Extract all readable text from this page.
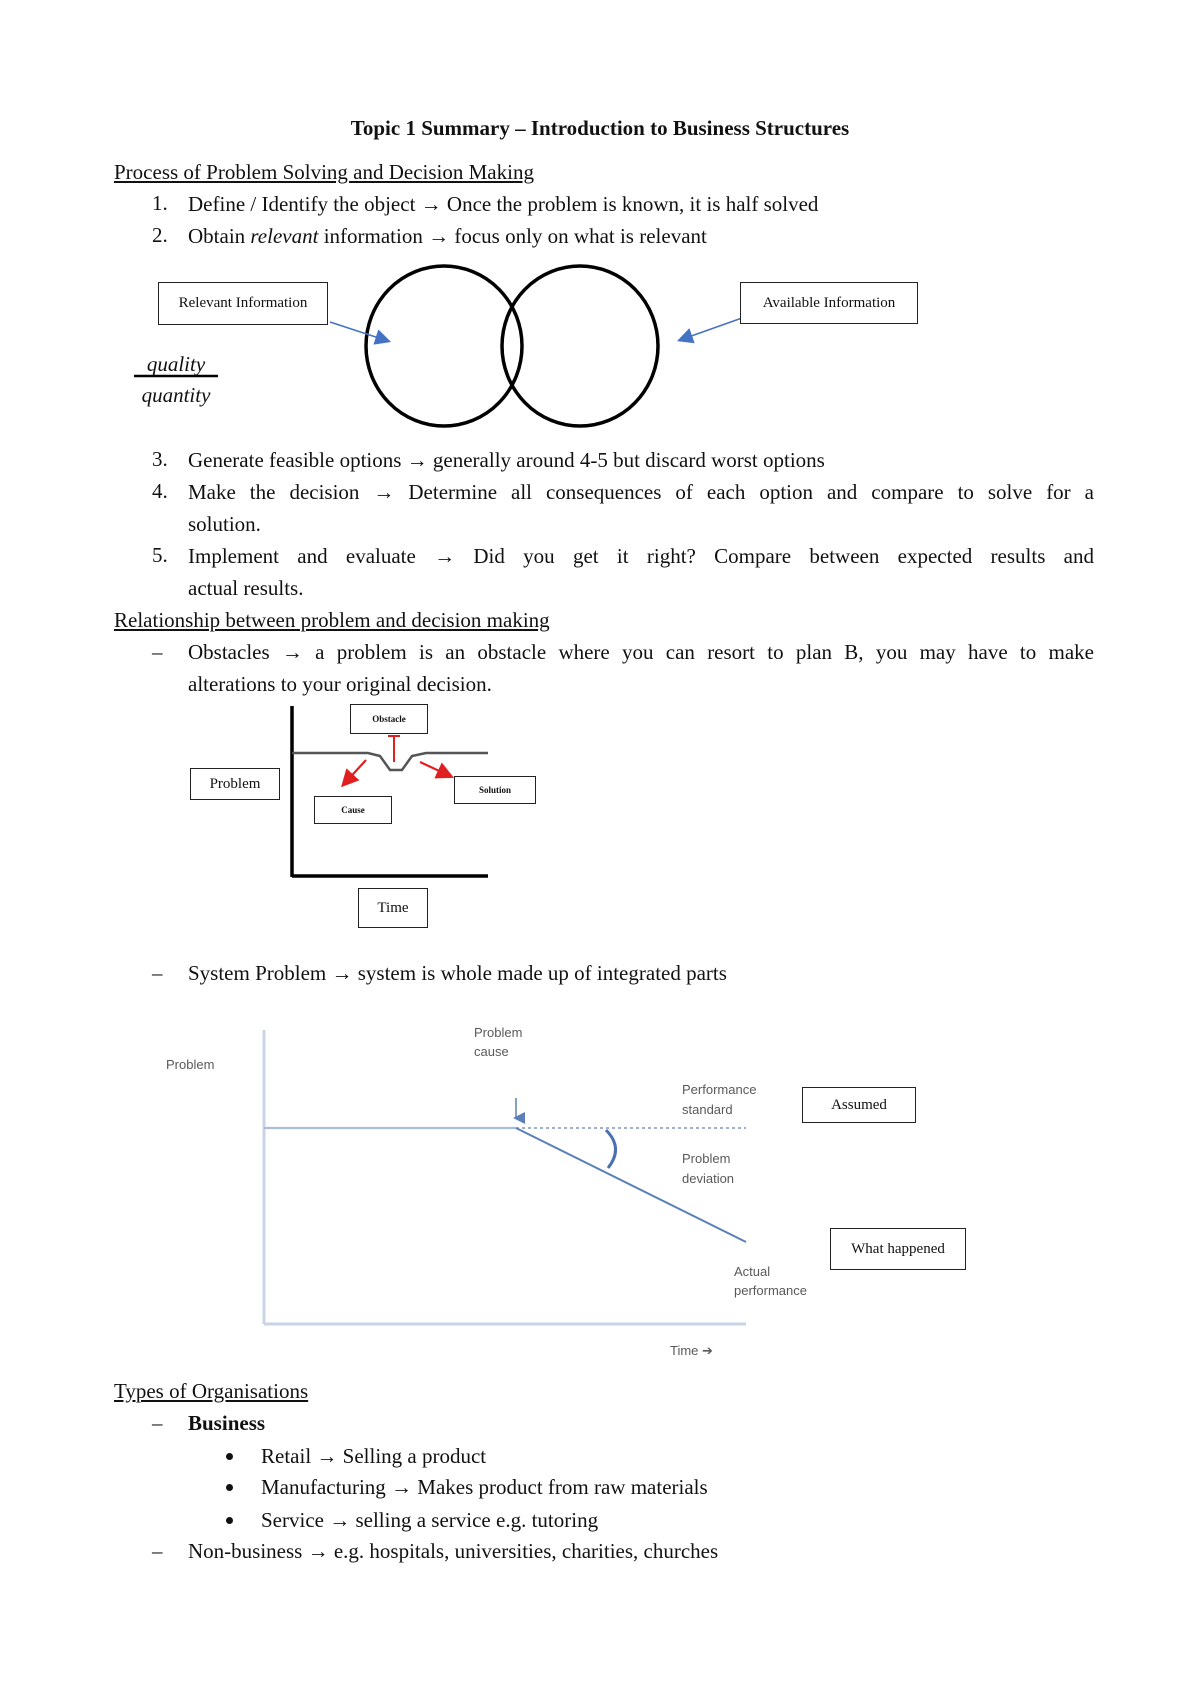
Topic 1 Summary – Introduction to Business Structures
Process of Problem Solving and Decision Making
1. Define / Identify the object → Once the problem is known, it is half solved
2. Obtain relevant information → focus only on what is relevant
Relevant Information	Available Information
quality
quantity
3. Generate feasible options → generally around 4-5 but discard worst options
4. Make the decision → Determine all consequences of each option and compare to solve for a
solution.
5. Implement and evaluate → Did you get it right? Compare between expected results and
actual results.
Relationship between problem and decision making
– Obstacles → a problem is an obstacle where you can resort to plan B, you may have to make
alterations to your original decision.
Obstacle
Problem
Cause
Solution
Time
– System Problem → system is whole made up of integrated parts
Problem
Problem
cause
Performance
standard
Problem
deviation
Actual
performance
Time ➔
Assumed
What happened
Types of Organisations
– Business
Retail → Selling a product
Manufacturing → Makes product from raw materials
Service → selling a service e.g. tutoring
– Non-business → e.g. hospitals, universities, charities, churches
